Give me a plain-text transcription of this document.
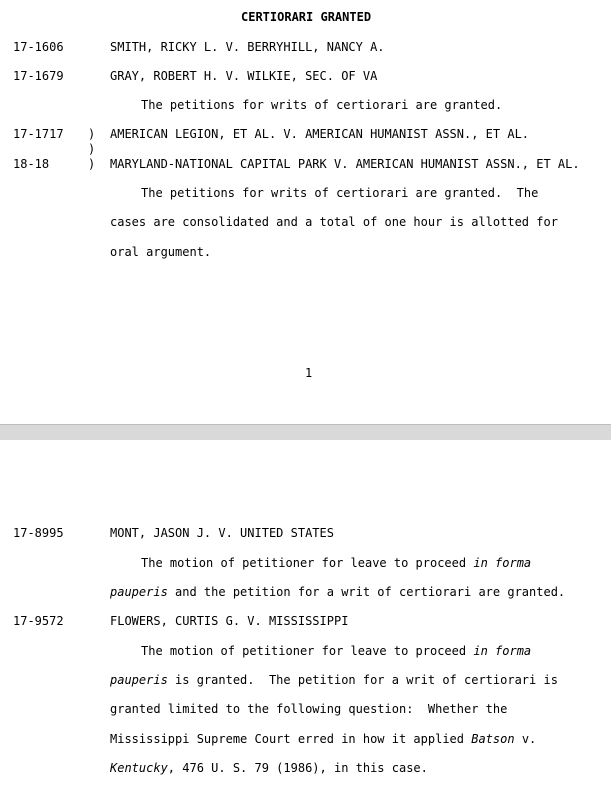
CERTIORARI GRANTED
17-1606	SMITH, RICKY L. V. BERRYHILL, NANCY A.
17-1679	GRAY, ROBERT H. V. WILKIE, SEC. OF VA
The petitions for writs of certiorari are granted.
17-1717 ) AMERICAN LEGION, ET AL. V. AMERICAN HUMANIST ASSN., ET AL.
)
18-18	) MARYLAND-NATIONAL CAPITAL PARK V. AMERICAN HUMANIST ASSN., ET AL.
The petitions for writs of certiorari are granted.  The
cases are consolidated and a total of one hour is allotted for
oral argument.
1
17-8995	MONT, JASON J. V. UNITED STATES
The motion of petitioner for leave to proceed in forma
pauperis and the petition for a writ of certiorari are granted.
17-9572	FLOWERS, CURTIS G. V. MISSISSIPPI
The motion of petitioner for leave to proceed in forma
pauperis is granted.  The petition for a writ of certiorari is
granted limited to the following question:  Whether the
Mississippi Supreme Court erred in how it applied Batson v.
Kentucky, 476 U. S. 79 (1986), in this case.
